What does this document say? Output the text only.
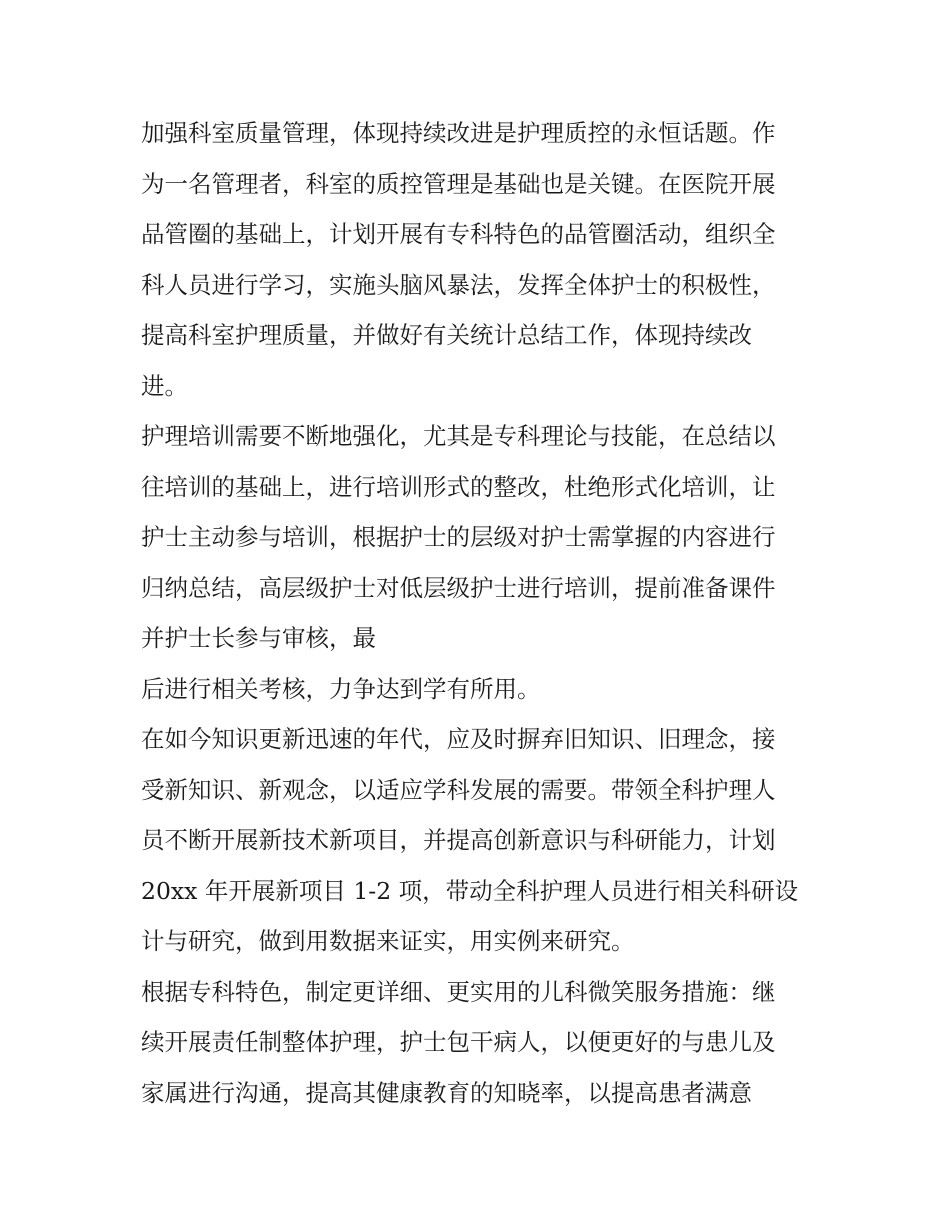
加强科室质量管理，体现持续改进是护理质控的永恒话题。作
为一名管理者，科室的质控管理是基础也是关键。在医院开展
品管圈的基础上，计划开展有专科特色的品管圈活动，组织全
科人员进行学习，实施头脑风暴法，发挥全体护士的积极性，
提高科室护理质量，并做好有关统计总结工作，体现持续改
进。
护理培训需要不断地强化，尤其是专科理论与技能，在总结以
往培训的基础上，进行培训形式的整改，杜绝形式化培训，让
护士主动参与培训，根据护士的层级对护士需掌握的内容进行
归纳总结，高层级护士对低层级护士进行培训，提前准备课件
并护士长参与审核，最
后进行相关考核，力争达到学有所用。
在如今知识更新迅速的年代，应及时摒弃旧知识、旧理念，接
受新知识、新观念，以适应学科发展的需要。带领全科护理人
员不断开展新技术新项目，并提高创新意识与科研能力，计划
20xx 年开展新项目 1-2 项，带动全科护理人员进行相关科研设
计与研究，做到用数据来证实，用实例来研究。
根据专科特色，制定更详细、更实用的儿科微笑服务措施：继
续开展责任制整体护理，护士包干病人，以便更好的与患儿及
家属进行沟通，提高其健康教育的知晓率，以提高患者满意
